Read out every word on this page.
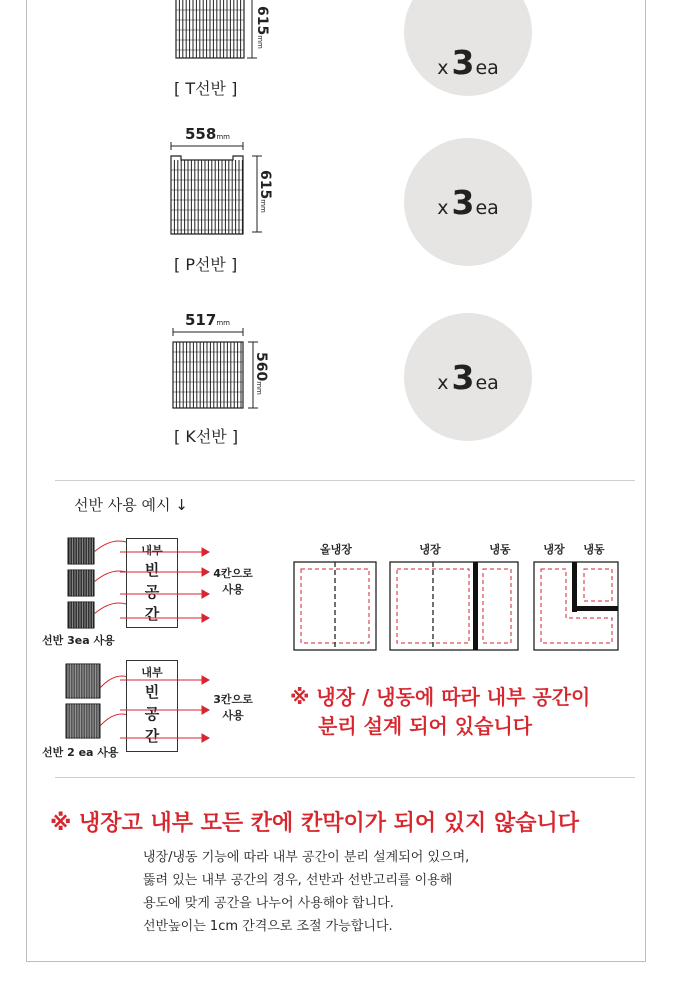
615mm
[ T선반 ]
x 3 ea
558mm
615mm
[ P선반 ]
x 3 ea
517mm
560mm
[ K선반 ]
x 3 ea
선반 사용 예시 ↓
내부
빈
공
간
4칸으로
사용
선반 3ea 사용
내부
빈
공
간
3칸으로
사용
선반 2 ea 사용
올냉장	냉장	냉동	냉장	냉동
※ 냉장 / 냉동에 따라 내부 공간이
분리 설계 되어 있습니다
※ 냉장고 내부 모든 칸에 칸막이가 되어 있지 않습니다
냉장/냉동 기능에 따라 내부 공간이 분리 설계되어 있으며,
뚫려 있는 내부 공간의 경우, 선반과 선반고리를 이용해
용도에 맞게 공간을 나누어 사용해야 합니다.
선반높이는 1cm 간격으로 조절 가능합니다.
